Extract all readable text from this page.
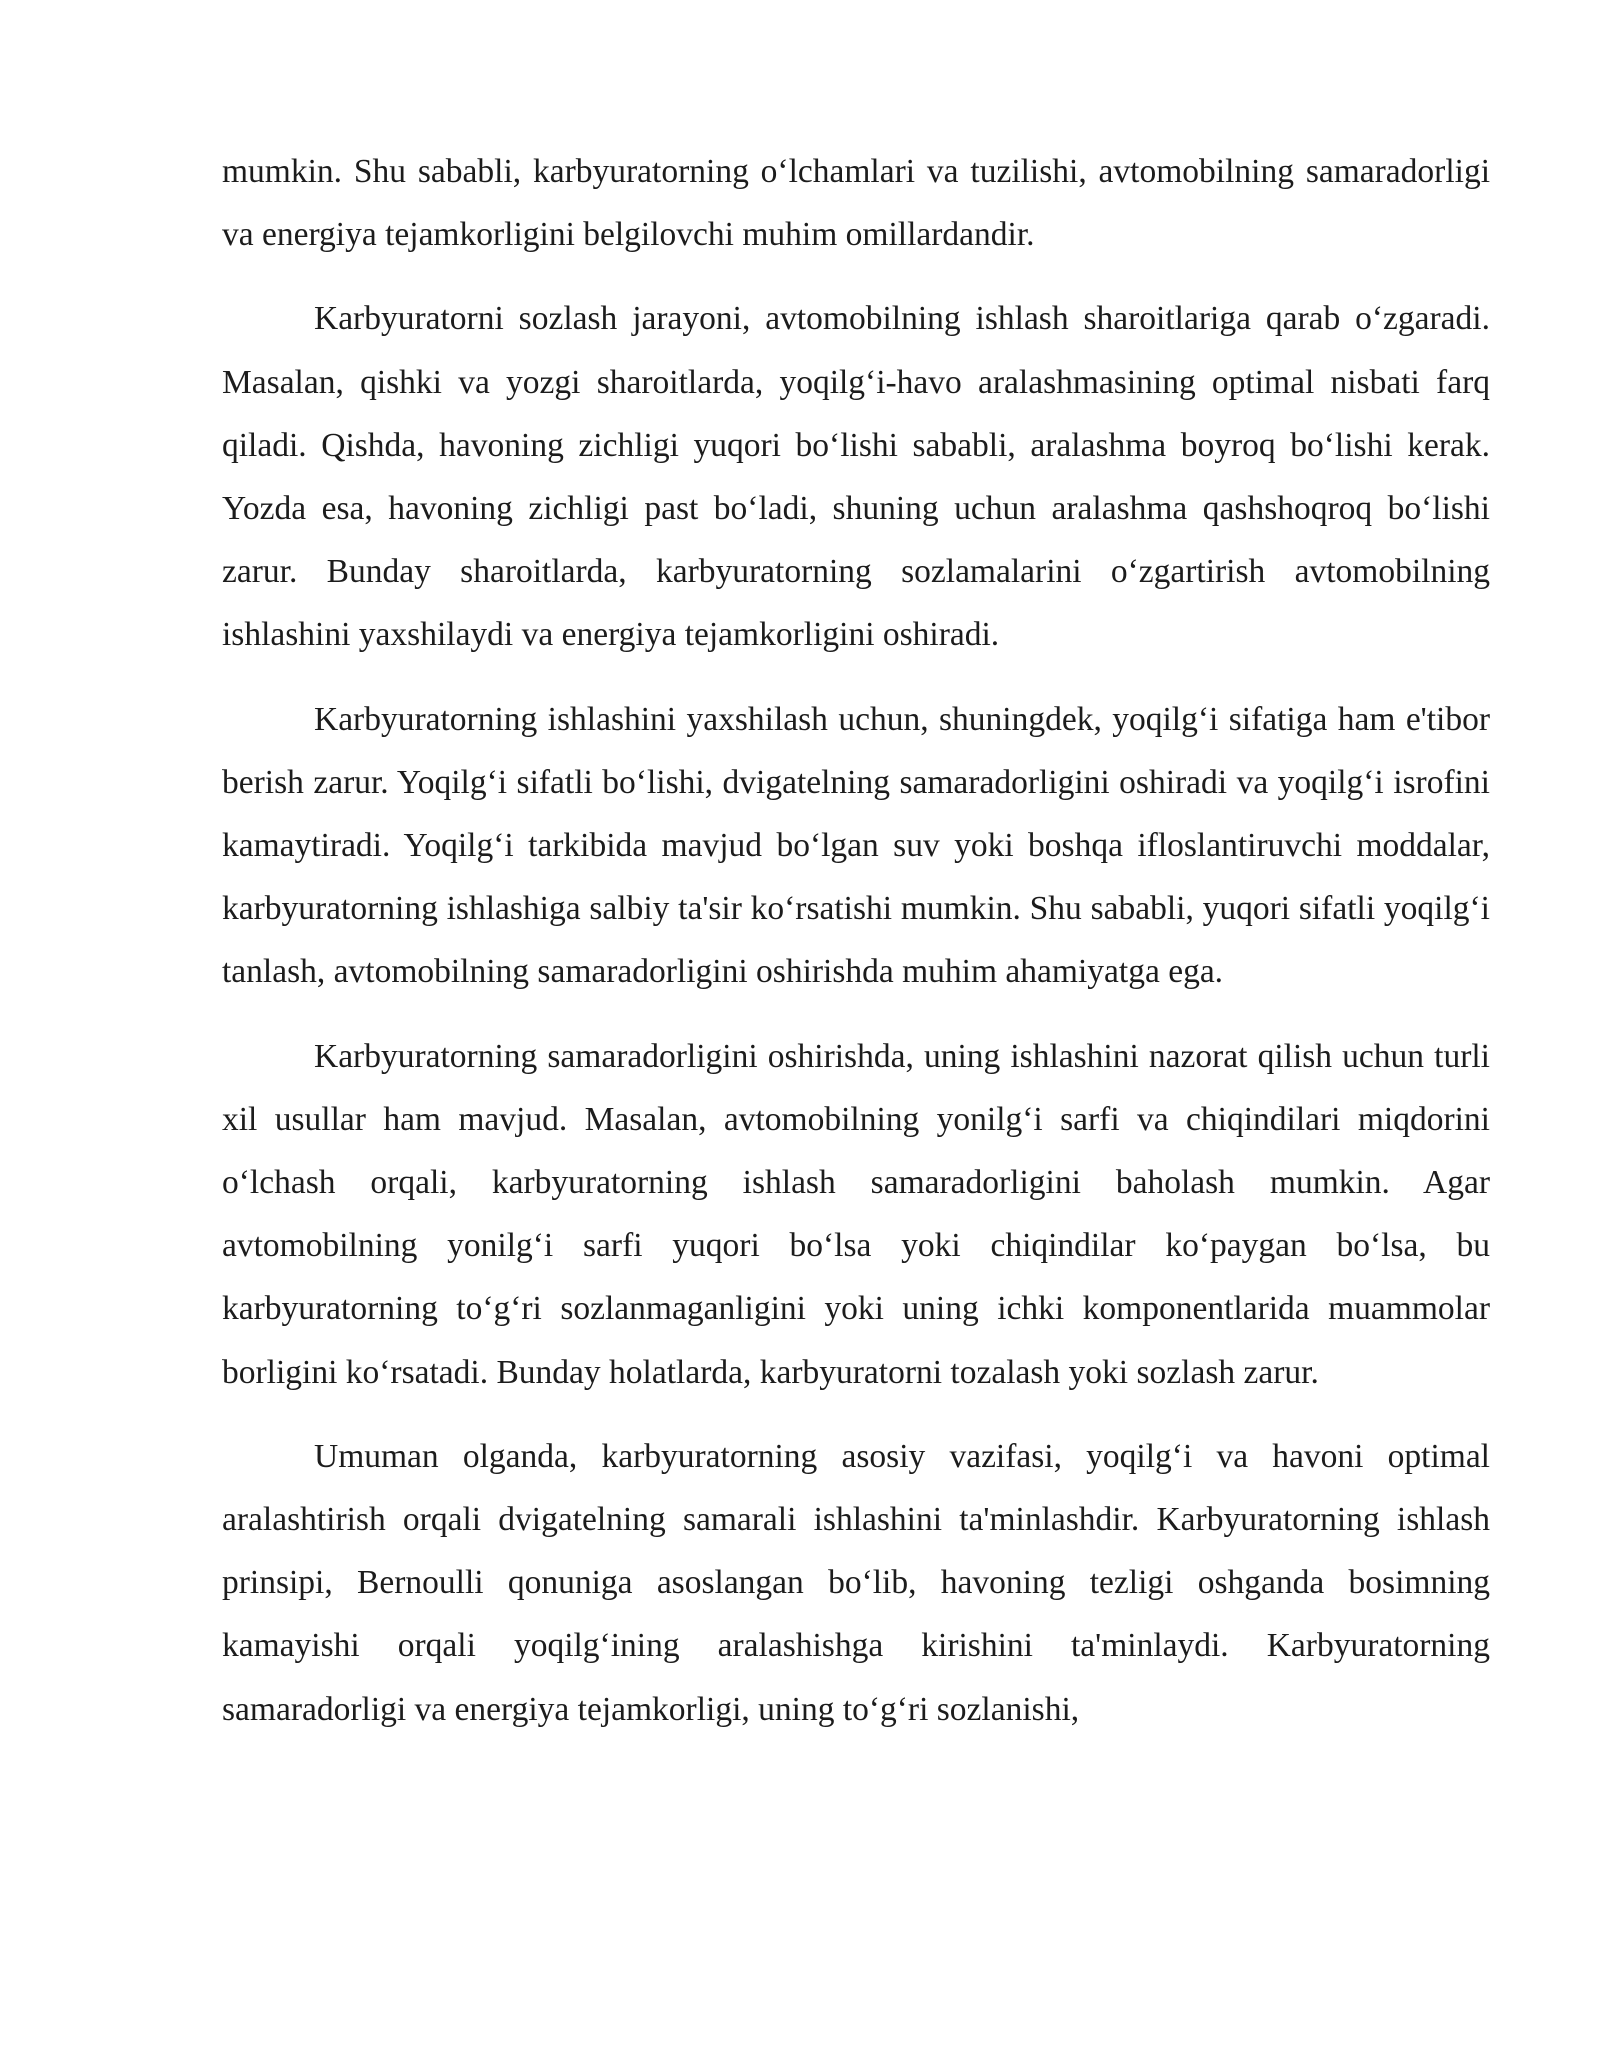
mumkin. Shu sababli, karbyuratorning o‘lchamlari va tuzilishi, avtomobilning samaradorligi va energiya tejamkorligini belgilovchi muhim omillardandir.

Karbyuratorni sozlash jarayoni, avtomobilning ishlash sharoitlariga qarab o‘zgaradi. Masalan, qishki va yozgi sharoitlarda, yoqilg‘i-havo aralashmasining optimal nisbati farq qiladi. Qishda, havoning zichligi yuqori bo‘lishi sababli, aralashma boyroq bo‘lishi kerak. Yozda esa, havoning zichligi past bo‘ladi, shuning uchun aralashma qashshoqroq bo‘lishi zarur. Bunday sharoitlarda, karbyuratorning sozlamalarini o‘zgartirish avtomobilning ishlashini yaxshilaydi va energiya tejamkorligini oshiradi.

Karbyuratorning ishlashini yaxshilash uchun, shuningdek, yoqilg‘i sifatiga ham e'tibor berish zarur. Yoqilg‘i sifatli bo‘lishi, dvigatelning samaradorligini oshiradi va yoqilg‘i isrofini kamaytiradi. Yoqilg‘i tarkibida mavjud bo‘lgan suv yoki boshqa ifloslantiruvchi moddalar, karbyuratorning ishlashiga salbiy ta'sir ko‘rsatishi mumkin. Shu sababli, yuqori sifatli yoqilg‘i tanlash, avtomobilning samaradorligini oshirishda muhim ahamiyatga ega.

Karbyuratorning samaradorligini oshirishda, uning ishlashini nazorat qilish uchun turli xil usullar ham mavjud. Masalan, avtomobilning yonilg‘i sarfi va chiqindilari miqdorini o‘lchash orqali, karbyuratorning ishlash samaradorligini baholash mumkin. Agar avtomobilning yonilg‘i sarfi yuqori bo‘lsa yoki chiqindilar ko‘paygan bo‘lsa, bu karbyuratorning to‘g‘ri sozlanmaganligini yoki uning ichki komponentlarida muammolar borligini ko‘rsatadi. Bunday holatlarda, karbyuratorni tozalash yoki sozlash zarur.

Umuman olganda, karbyuratorning asosiy vazifasi, yoqilg‘i va havoni optimal aralashtirish orqali dvigatelning samarali ishlashini ta'minlashdir. Karbyuratorning ishlash prinsipi, Bernoulli qonuniga asoslangan bo‘lib, havoning tezligi oshganda bosimning kamayishi orqali yoqilg‘ining aralashishga kirishini ta'minlaydi. Karbyuratorning samaradorligi va energiya tejamkorligi, uning to‘g‘ri sozlanishi,
